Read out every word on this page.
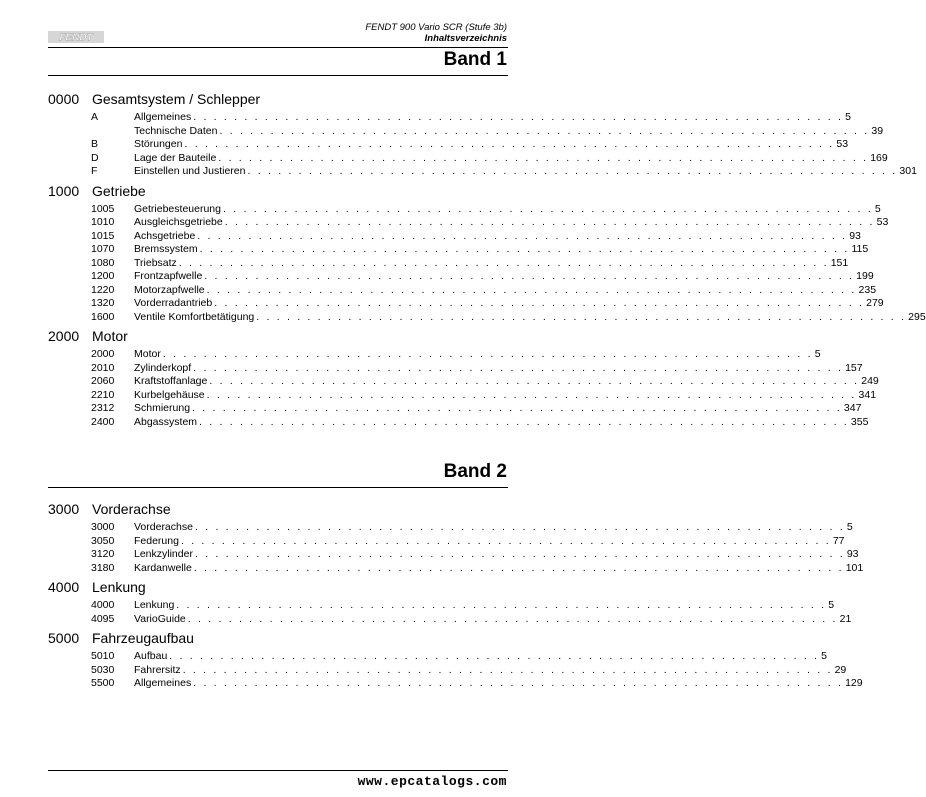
FENDT
FENDT 900 Vario SCR (Stufe 3b)
Inhaltsverzeichnis
Band 1
0000 Gesamtsystem / Schlepper
A	Allgemeines . . . . . . . . . . . . . . . . . . . . . . . . . . . . . . . . . . . . . . . . . . . . . . . . . . . . . . . . . . . . . . . . 5
Technische Daten . . . . . . . . . . . . . . . . . . . . . . . . . . . . . . . . . . . . . . . . . . . . . . . . . . . . . . . . . . . . . . . . 39
B	Störungen . . . . . . . . . . . . . . . . . . . . . . . . . . . . . . . . . . . . . . . . . . . . . . . . . . . . . . . . . . . . . . . . 53
D	Lage der Bauteile . . . . . . . . . . . . . . . . . . . . . . . . . . . . . . . . . . . . . . . . . . . . . . . . . . . . . . . . . . . . . . . . 169
F	Einstellen und Justieren . . . . . . . . . . . . . . . . . . . . . . . . . . . . . . . . . . . . . . . . . . . . . . . . . . . . . . . . . . . . . . . . 301
1000 Getriebe
1005	Getriebesteuerung . . . . . . . . . . . . . . . . . . . . . . . . . . . . . . . . . . . . . . . . . . . . . . . . . . . . . . . . . . . . . . . . 5
1010	Ausgleichsgetriebe . . . . . . . . . . . . . . . . . . . . . . . . . . . . . . . . . . . . . . . . . . . . . . . . . . . . . . . . . . . . . . . . 53
1015	Achsgetriebe . . . . . . . . . . . . . . . . . . . . . . . . . . . . . . . . . . . . . . . . . . . . . . . . . . . . . . . . . . . . . . . . 93
1070	Bremssystem . . . . . . . . . . . . . . . . . . . . . . . . . . . . . . . . . . . . . . . . . . . . . . . . . . . . . . . . . . . . . . . . 115
1080	Triebsatz . . . . . . . . . . . . . . . . . . . . . . . . . . . . . . . . . . . . . . . . . . . . . . . . . . . . . . . . . . . . . . . . 151
1200	Frontzapfwelle . . . . . . . . . . . . . . . . . . . . . . . . . . . . . . . . . . . . . . . . . . . . . . . . . . . . . . . . . . . . . . . . 199
1220	Motorzapfwelle . . . . . . . . . . . . . . . . . . . . . . . . . . . . . . . . . . . . . . . . . . . . . . . . . . . . . . . . . . . . . . . . 235
1320	Vorderradantrieb . . . . . . . . . . . . . . . . . . . . . . . . . . . . . . . . . . . . . . . . . . . . . . . . . . . . . . . . . . . . . . . . 279
1600	Ventile Komfortbetätigung . . . . . . . . . . . . . . . . . . . . . . . . . . . . . . . . . . . . . . . . . . . . . . . . . . . . . . . . . . . . . . . . 295
2000 Motor
2000	Motor . . . . . . . . . . . . . . . . . . . . . . . . . . . . . . . . . . . . . . . . . . . . . . . . . . . . . . . . . . . . . . . . 5
2010	Zylinderkopf . . . . . . . . . . . . . . . . . . . . . . . . . . . . . . . . . . . . . . . . . . . . . . . . . . . . . . . . . . . . . . . . 157
2060	Kraftstoffanlage . . . . . . . . . . . . . . . . . . . . . . . . . . . . . . . . . . . . . . . . . . . . . . . . . . . . . . . . . . . . . . . . 249
2210	Kurbelgehäuse . . . . . . . . . . . . . . . . . . . . . . . . . . . . . . . . . . . . . . . . . . . . . . . . . . . . . . . . . . . . . . . . 341
2312	Schmierung . . . . . . . . . . . . . . . . . . . . . . . . . . . . . . . . . . . . . . . . . . . . . . . . . . . . . . . . . . . . . . . . 347
2400	Abgassystem . . . . . . . . . . . . . . . . . . . . . . . . . . . . . . . . . . . . . . . . . . . . . . . . . . . . . . . . . . . . . . . . 355
Band 2
3000 Vorderachse
3000	Vorderachse . . . . . . . . . . . . . . . . . . . . . . . . . . . . . . . . . . . . . . . . . . . . . . . . . . . . . . . . . . . . . . . . 5
3050	Federung . . . . . . . . . . . . . . . . . . . . . . . . . . . . . . . . . . . . . . . . . . . . . . . . . . . . . . . . . . . . . . . . 77
3120	Lenkzylinder . . . . . . . . . . . . . . . . . . . . . . . . . . . . . . . . . . . . . . . . . . . . . . . . . . . . . . . . . . . . . . . . 93
3180	Kardanwelle . . . . . . . . . . . . . . . . . . . . . . . . . . . . . . . . . . . . . . . . . . . . . . . . . . . . . . . . . . . . . . . . 101
4000 Lenkung
4000	Lenkung . . . . . . . . . . . . . . . . . . . . . . . . . . . . . . . . . . . . . . . . . . . . . . . . . . . . . . . . . . . . . . . . 5
4095	VarioGuide . . . . . . . . . . . . . . . . . . . . . . . . . . . . . . . . . . . . . . . . . . . . . . . . . . . . . . . . . . . . . . . . 21
5000 Fahrzeugaufbau
5010	Aufbau . . . . . . . . . . . . . . . . . . . . . . . . . . . . . . . . . . . . . . . . . . . . . . . . . . . . . . . . . . . . . . . . 5
5030	Fahrersitz . . . . . . . . . . . . . . . . . . . . . . . . . . . . . . . . . . . . . . . . . . . . . . . . . . . . . . . . . . . . . . . . 29
5500	Allgemeines . . . . . . . . . . . . . . . . . . . . . . . . . . . . . . . . . . . . . . . . . . . . . . . . . . . . . . . . . . . . . . . . 129
www.epcatalogs.com
